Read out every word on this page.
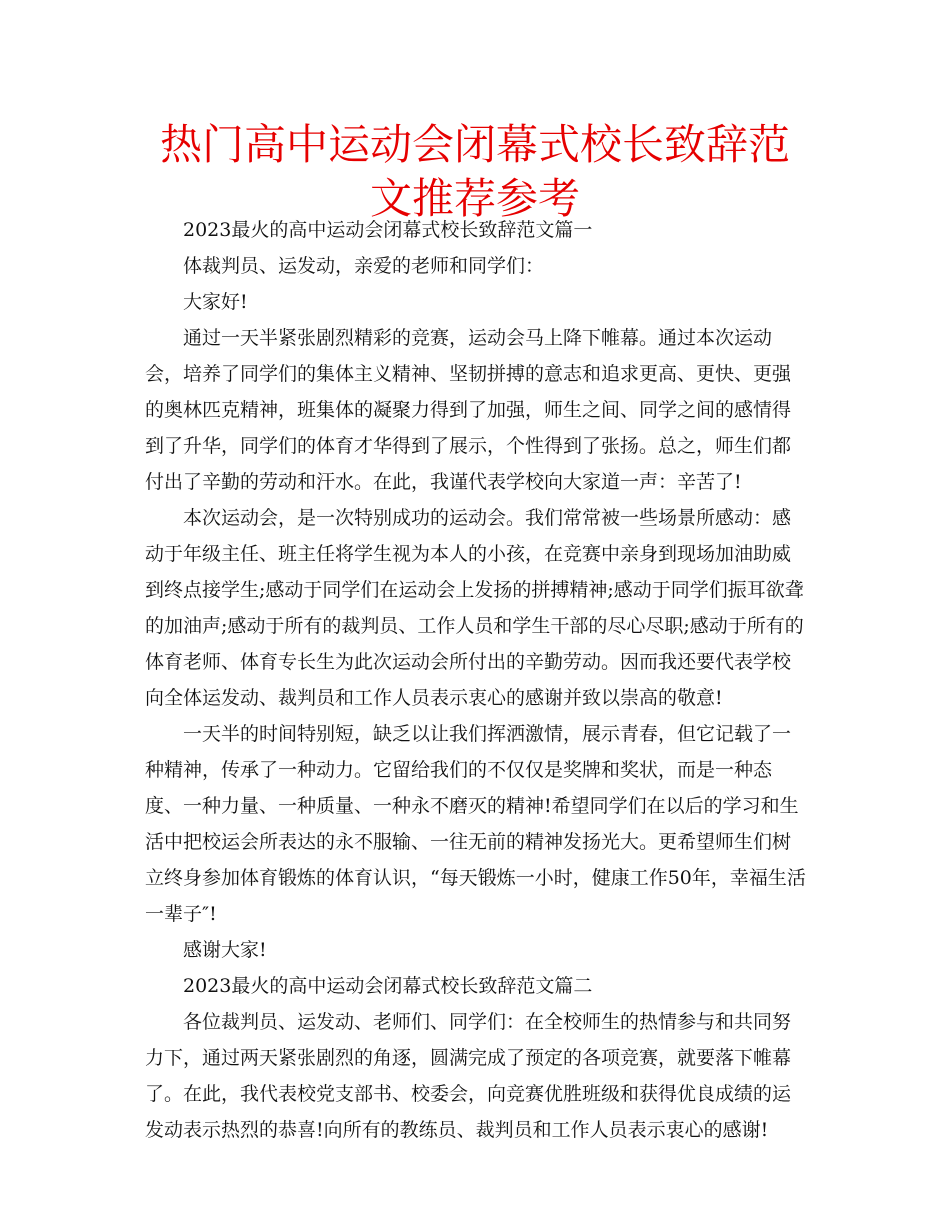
热门高中运动会闭幕式校长致辞范文推荐参考

2023最火的高中运动会闭幕式校长致辞范文篇一

体裁判员、运发动，亲爱的老师和同学们：

大家好!

通过一天半紧张剧烈精彩的竞赛，运动会马上降下帷幕。通过本次运动会，培养了同学们的集体主义精神、坚韧拼搏的意志和追求更高、更快、更强的奥林匹克精神，班集体的凝聚力得到了加强，师生之间、同学之间的感情得到了升华，同学们的体育才华得到了展示，个性得到了张扬。总之，师生们都付出了辛勤的劳动和汗水。在此，我谨代表学校向大家道一声：辛苦了!

本次运动会，是一次特别成功的运动会。我们常常被一些场景所感动：感动于年级主任、班主任将学生视为本人的小孩，在竞赛中亲身到现场加油助威到终点接学生;感动于同学们在运动会上发扬的拼搏精神;感动于同学们振耳欲聋的加油声;感动于所有的裁判员、工作人员和学生干部的尽心尽职;感动于所有的体育老师、体育专长生为此次运动会所付出的辛勤劳动。因而我还要代表学校向全体运发动、裁判员和工作人员表示衷心的感谢并致以崇高的敬意!

一天半的时间特别短，缺乏以让我们挥洒激情，展示青春，但它记载了一种精神，传承了一种动力。它留给我们的不仅仅是奖牌和奖状，而是一种态度、一种力量、一种质量、一种永不磨灭的精神!希望同学们在以后的学习和生活中把校运会所表达的永不服输、一往无前的精神发扬光大。更希望师生们树立终身参加体育锻炼的体育认识，“每天锻炼一小时，健康工作50年，幸福生活一辈子″!

感谢大家!

2023最火的高中运动会闭幕式校长致辞范文篇二

各位裁判员、运发动、老师们、同学们：在全校师生的热情参与和共同努力下，通过两天紧张剧烈的角逐，圆满完成了预定的各项竞赛，就要落下帷幕了。在此，我代表校党支部书、校委会，向竞赛优胜班级和获得优良成绩的运发动表示热烈的恭喜!向所有的教练员、裁判员和工作人员表示衷心的感谢!
